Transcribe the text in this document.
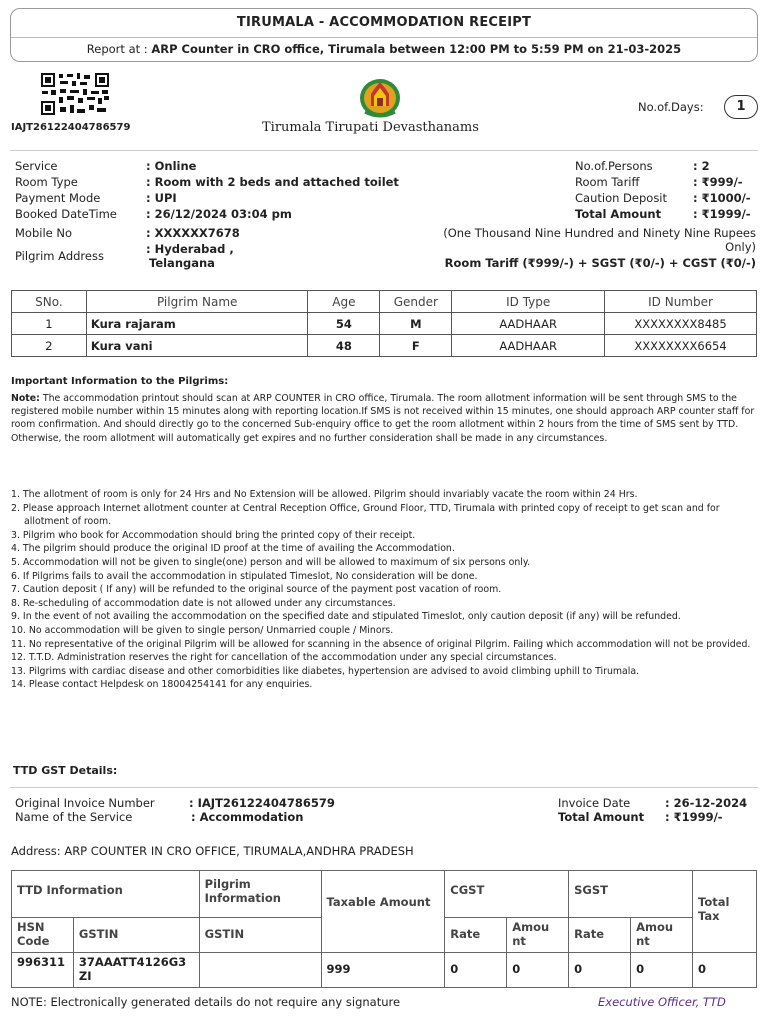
TIRUMALA - ACCOMMODATION RECEIPT
Report at : ARP Counter in CRO office, Tirumala between 12:00 PM to 5:59 PM on 21-03-2025
IAJT26122404786579	Tirumala Tirupati Devasthanams
No.of.Days:	1
Service	: Online
Room Type	: Room with 2 beds and attached toilet
Payment Mode	: UPI
Booked DateTime	: 26/12/2024 03:04 pm
Mobile No	: XXXXXX7678
Pilgrim Address	: Hyderabad ,
Telangana
No.of.Persons	: 2
Room Tariff	: ₹999/-
Caution Deposit : ₹1000/-
Total Amount	: ₹1999/-
(One Thousand Nine Hundred and Ninety Nine Rupees
Only)
Room Tariff (₹999/-) + SGST (₹0/-) + CGST (₹0/-)
SNo.	Pilgrim Name	Age	Gender	ID Type	ID Number
1	Kura rajaram	54	M	AADHAAR	XXXXXXXX8485
2	Kura vani	48	F	AADHAAR	XXXXXXXX6654
Important Information to the Pilgrims:
Note: The accommodation printout should scan at ARP COUNTER in CRO office, Tirumala. The room allotment information will be sent through SMS to the registered mobile number within 15 minutes along with reporting location.If SMS is not received within 15 minutes, one should approach ARP counter staff for room confirmation. And should directly go to the concerned Sub-enquiry office to get the room allotment within 2 hours from the time of SMS sent by TTD. Otherwise, the room allotment will automatically get expires and no further consideration shall be made in any circumstances.
1. The allotment of room is only for 24 Hrs and No Extension will be allowed. Pilgrim should invariably vacate the room within 24 Hrs.
2. Please approach Internet allotment counter at Central Reception Office, Ground Floor, TTD, Tirumala with printed copy of receipt to get scan and for allotment of room.
3. Pilgrim who book for Accommodation should bring the printed copy of their receipt.
4. The pilgrim should produce the original ID proof at the time of availing the Accommodation.
5. Accommodation will not be given to single(one) person and will be allowed to maximum of six persons only.
6. If Pilgrims fails to avail the accommodation in stipulated Timeslot, No consideration will be done.
7. Caution deposit ( If any) will be refunded to the original source of the payment post vacation of room.
8. Re-scheduling of accommodation date is not allowed under any circumstances.
9. In the event of not availing the accommodation on the specified date and stipulated Timeslot, only caution deposit (if any) will be refunded.
10. No accommodation will be given to single person/ Unmarried couple / Minors.
11. No representative of the original Pilgrim will be allowed for scanning in the absence of original Pilgrim. Failing which accommodation will not be provided.
12. T.T.D. Administration reserves the right for cancellation of the accommodation under any special circumstances.
13. Pilgrims with cardiac disease and other comorbidities like diabetes, hypertension are advised to avoid climbing uphill to Tirumala.
14. Please contact Helpdesk on 18004254141 for any enquiries.
TTD GST Details:
Original Invoice Number	: IAJT26122404786579
Name of the Service	: Accommodation
Invoice Date	: 26-12-2024
Total Amount : ₹1999/-
Address: ARP COUNTER IN CRO OFFICE, TIRUMALA,ANDHRA PRADESH
TTD Information		Pilgrim Information	Taxable Amount	CGST		SGST		Total Tax
HSN Code	GSTIN	GSTIN		Rate	Amou nt	Rate	Amou nt	
996311	37AAATT4126G3ZI		999	0	0	0	0	0
NOTE: Electronically generated details do not require any signature	Executive Officer, TTD
